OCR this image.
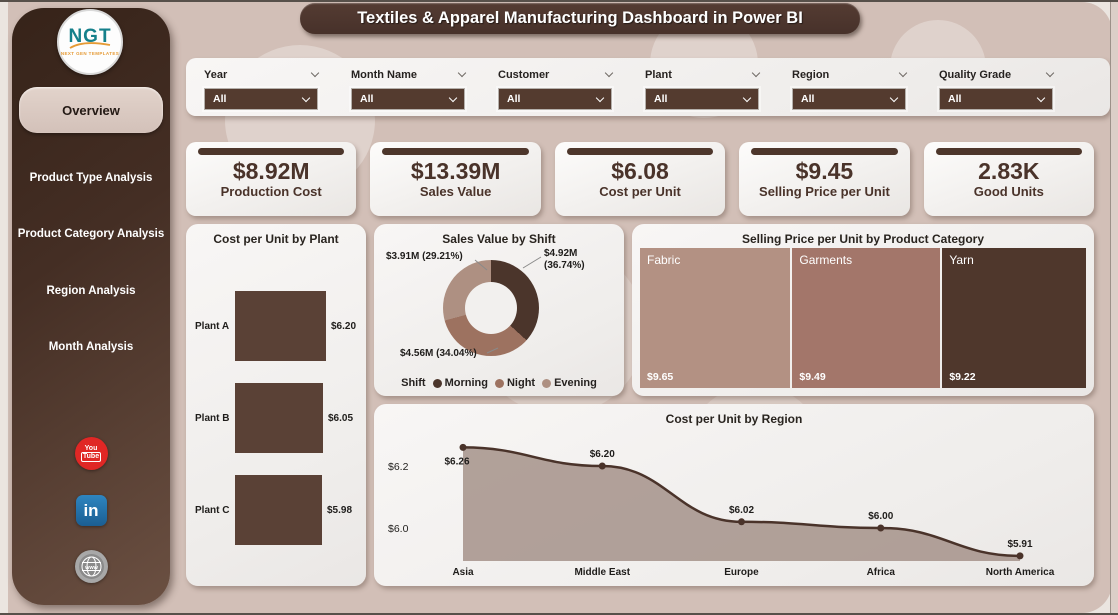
NGT
NEXT GEN TEMPLATES
Overview
Product Type Analysis
Product Category Analysis
Region Analysis
Month Analysis
You
Tube
in
www
Textiles & Apparel Manufacturing Dashboard in Power BI
Year
All
Month Name
All
Customer
All
Plant
All
Region
All
Quality Grade
All
$8.92M
Production Cost
$13.39M
Sales Value
$6.08
Cost per Unit
$9.45
Selling Price per Unit
2.83K
Good Units
Cost per Unit by Plant
Plant A	$6.20
Plant B	$6.05
Plant C	$5.98
Sales Value by Shift
$3.91M (29.21%)	$4.92M (36.74%)
$4.56M (34.04%)
Shift Morning Night Evening
Selling Price per Unit by Product Category
Fabric
$9.65
Garments
$9.49
Yarn
$9.22
Cost per Unit by Region
$6.2
$6.0
$6.26
Asia
$6.20
Middle East
$6.02
Europe
$6.00
Africa
$5.91
North America
